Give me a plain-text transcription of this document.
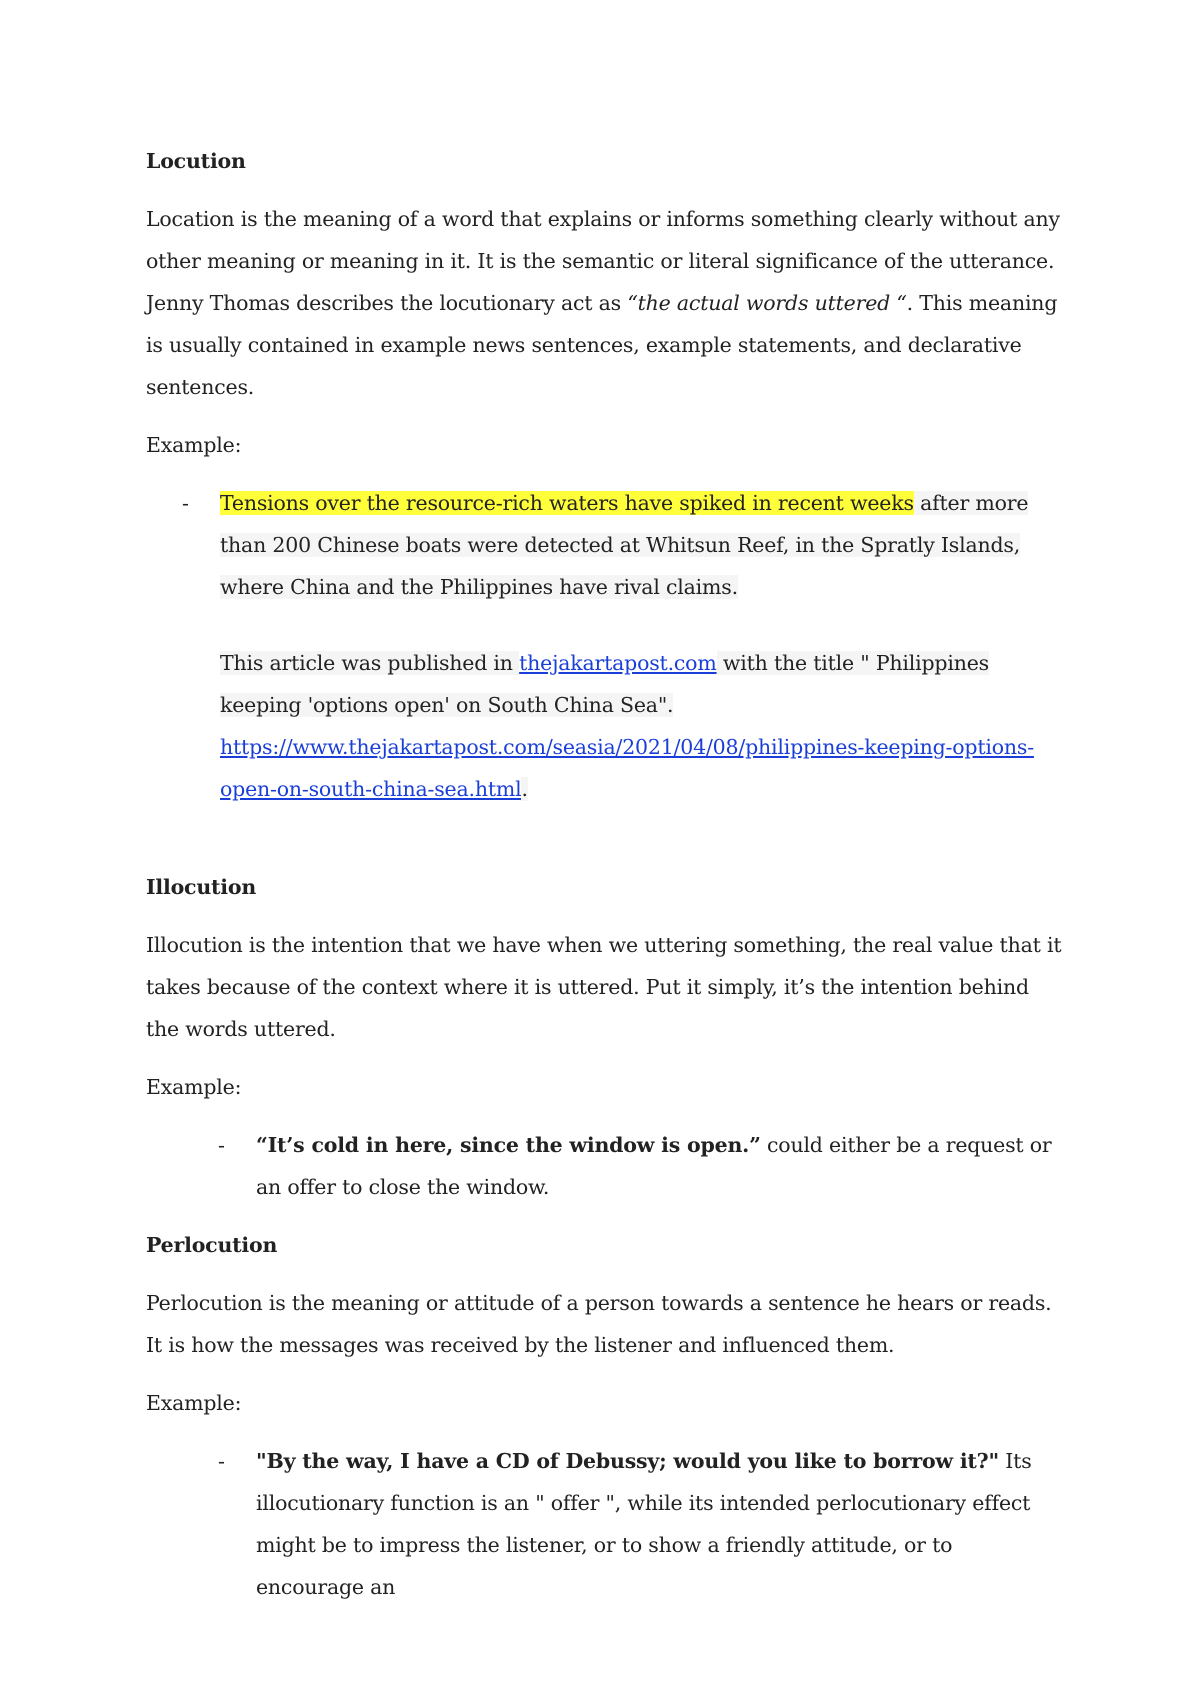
Locution
Location is the meaning of a word that explains or informs something clearly without any other meaning or meaning in it. It is the semantic or literal significance of the utterance. Jenny Thomas describes the locutionary act as “the actual words uttered “. This meaning is usually contained in example news sentences, example statements, and declarative sentences.
Example:
- Tensions over the resource-rich waters have spiked in recent weeks after more than 200 Chinese boats were detected at Whitsun Reef, in the Spratly Islands, where China and the Philippines have rival claims.
This article was published in thejakartapost.com with the title " Philippines keeping 'options open' on South China Sea". https://www.thejakartapost.com/seasia/2021/04/08/philippines-keeping-options-open-on-south-china-sea.html.
Illocution
Illocution is the intention that we have when we uttering something, the real value that it takes because of the context where it is uttered. Put it simply, it’s the intention behind the words uttered.
Example:
- “It’s cold in here, since the window is open.” could either be a request or an offer to close the window.
Perlocution
Perlocution is the meaning or attitude of a person towards a sentence he hears or reads. It is how the messages was received by the listener and influenced them.
Example:
- "By the way, I have a CD of Debussy; would you like to borrow it?" Its illocutionary function is an " offer ", while its intended perlocutionary effect might be to impress the listener, or to show a friendly attitude, or to encourage an
